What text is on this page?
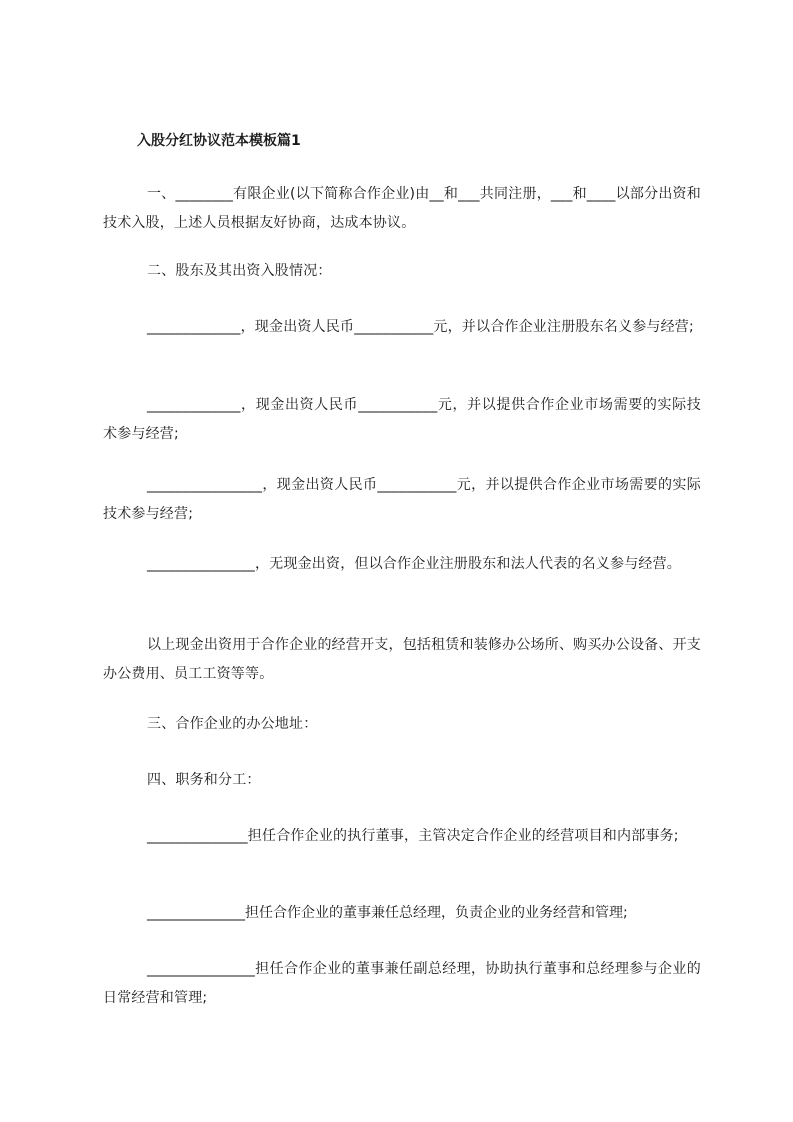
入股分红协议范本模板篇1
一、________有限企业(以下简称合作企业)由__和___共同注册，___和____以部分出资和技术入股，上述人员根据友好协商，达成本协议。
二、股东及其出资入股情况：
_____________，现金出资人民币___________元，并以合作企业注册股东名义参与经营;
_____________，现金出资人民币___________元，并以提供合作企业市场需要的实际技术参与经营;
________________，现金出资人民币___________元，并以提供合作企业市场需要的实际技术参与经营;
_______________，无现金出资，但以合作企业注册股东和法人代表的名义参与经营。
以上现金出资用于合作企业的经营开支，包括租赁和装修办公场所、购买办公设备、开支办公费用、员工工资等等。
三、合作企业的办公地址：
四、职务和分工：
______________担任合作企业的执行董事，主管决定合作企业的经营项目和内部事务;
______________担任合作企业的董事兼任总经理，负责企业的业务经营和管理;
_______________担任合作企业的董事兼任副总经理，协助执行董事和总经理参与企业的日常经营和管理;
